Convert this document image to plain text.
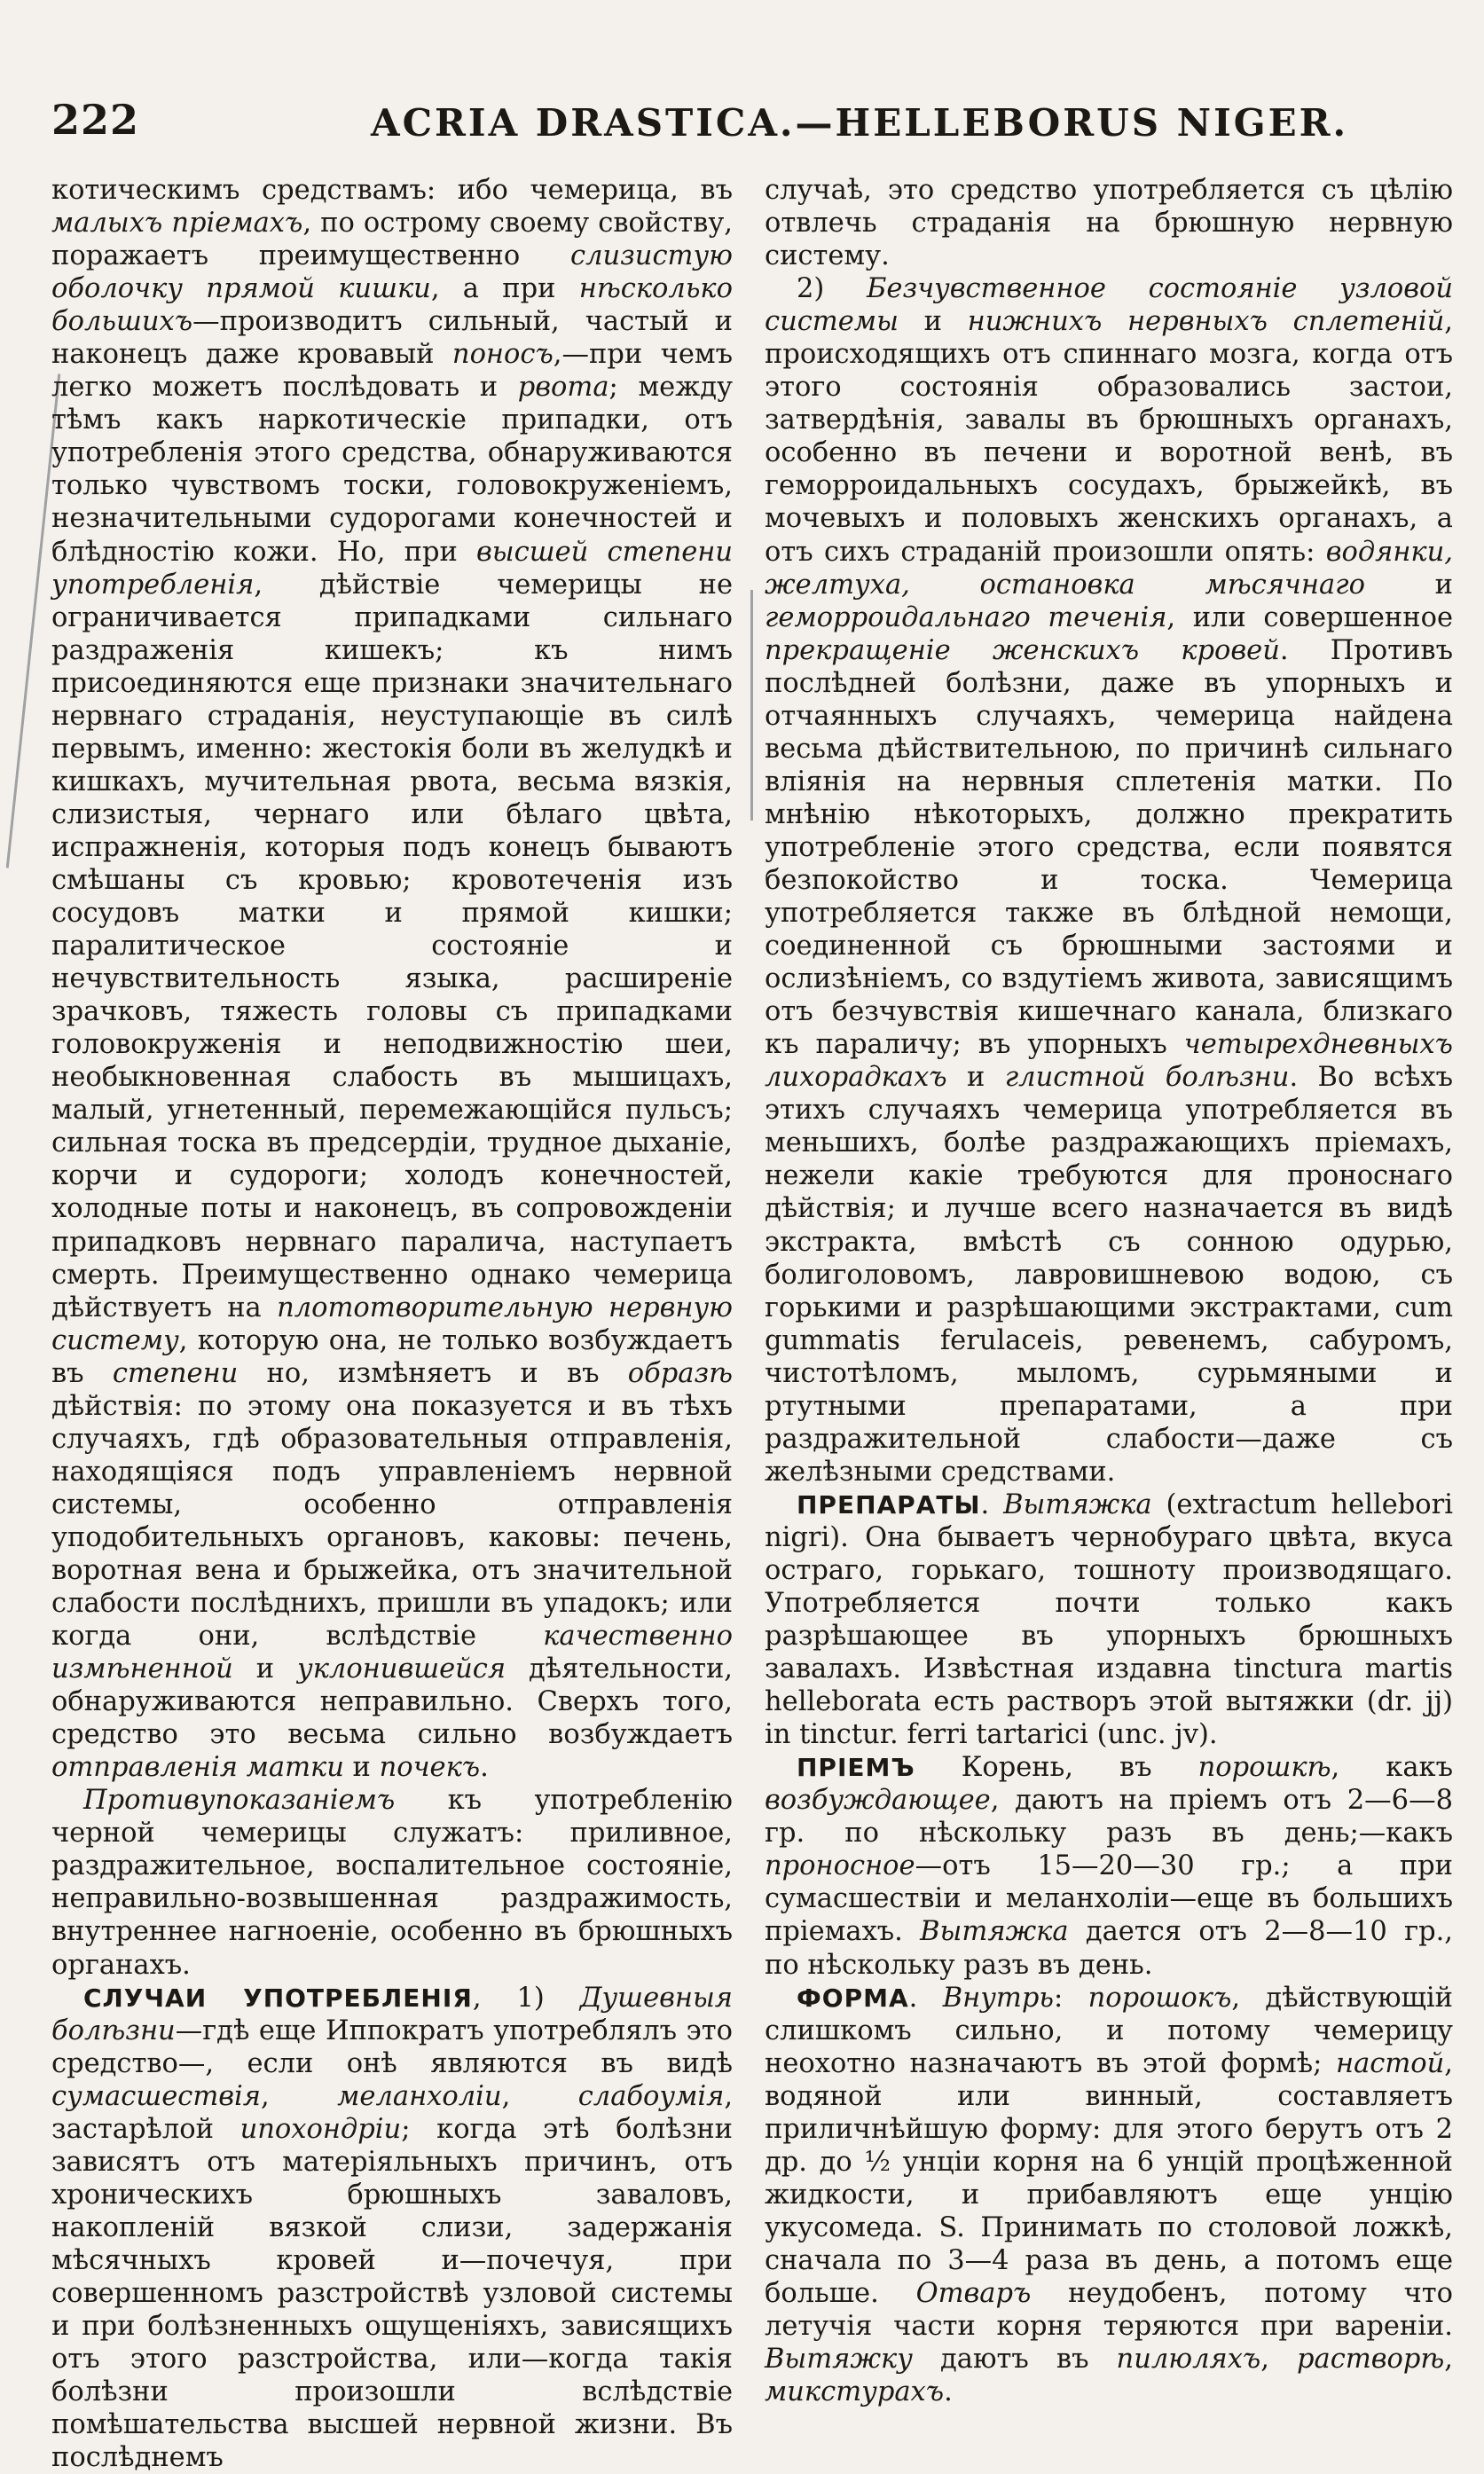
222	ACRIA DRASTICA.—HELLEBORUS NIGER.

котическимъ средствамъ: ибо чемерица, въ малыхъ пріемахъ, по острому своему свойству, поражаетъ преимущественно слизистую оболочку прямой кишки, а при нѣсколько большихъ—производитъ сильный, частый и наконецъ даже кровавый поносъ,—при чемъ легко можетъ послѣдовать и рвота; между тѣмъ какъ наркотическіе припадки, отъ употребленія этого средства, обнаруживаются только чувствомъ тоски, головокруженіемъ, незначительными судорогами конечностей и блѣдностію кожи. Но, при высшей степени употребленія, дѣйствіе чемерицы не ограничивается припадками сильнаго раздраженія кишекъ; къ нимъ присоединяются еще признаки значительнаго нервнаго страданія, неуступающіе въ силѣ первымъ, именно: жестокія боли въ желудкѣ и кишкахъ, мучительная рвота, весьма вязкія, слизистыя, чернаго или бѣлаго цвѣта, испражненія, которыя подъ конецъ бываютъ смѣшаны съ кровью; кровотеченія изъ сосудовъ матки и прямой кишки; паралитическое состояніе и нечувствительность языка, расширеніе зрачковъ, тяжесть головы съ припадками головокруженія и неподвижностію шеи, необыкновенная слабость въ мышицахъ, малый, угнетенный, перемежающійся пульсъ; сильная тоска въ предсердіи, трудное дыханіе, корчи и судороги; холодъ конечностей, холодные поты и наконецъ, въ сопровожденіи припадковъ нервнаго паралича, наступаетъ смерть. Преимущественно однако чемерица дѣйствуетъ на плототворительную нервную систему, которую она, не только возбуждаетъ въ степени но, измѣняетъ и въ образѣ дѣйствія: по этому она показуется и въ тѣхъ случаяхъ, гдѣ образовательныя отправленія, находящіяся подъ управленіемъ нервной системы, особенно отправленія уподобительныхъ органовъ, каковы: печень, воротная вена и брыжейка, отъ значительной слабости послѣднихъ, пришли въ упадокъ; или когда они, вслѣдствіе качественно измѣненной и уклонившейся дѣятельности, обнаруживаются неправильно. Сверхъ того, средство это весьма сильно возбуждаетъ отправленія матки и почекъ.

Противупоказаніемъ къ употребленію черной чемерицы служатъ: приливное, раздражительное, воспалительное состояніе, неправильно-возвышенная раздражимость, внутреннее нагноеніе, особенно въ брюшныхъ органахъ.

СЛУЧАИ УПОТРЕБЛЕНІЯ, 1) Душевныя болѣзни—гдѣ еще Иппократъ употреблялъ это средство—, если онѣ являются въ видѣ сумасшествія, меланхоліи, слабоумія, застарѣлой ипохондріи; когда этѣ болѣзни зависятъ отъ матеріяльныхъ причинъ, отъ хроническихъ брюшныхъ заваловъ, накопленій вязкой слизи, задержанія мѣсячныхъ кровей и—почечуя, при совершенномъ разстройствѣ узловой системы и при болѣзненныхъ ощущеніяхъ, зависящихъ отъ этого разстройства, или—когда такія болѣзни произошли вслѣдствіе помѣшательства высшей нервной жизни. Въ послѣднемъ

случаѣ, это средство употребляется съ цѣлію отвлечь страданія на брюшную нервную систему.

2) Безчувственное состояніе узловой системы и нижнихъ нервныхъ сплетеній, происходящихъ отъ спиннаго мозга, когда отъ этого состоянія образовались застои, затвердѣнія, завалы въ брюшныхъ органахъ, особенно въ печени и воротной венѣ, въ геморроидальныхъ сосудахъ, брыжейкѣ, въ мочевыхъ и половыхъ женскихъ органахъ, а отъ сихъ страданій произошли опять: водянки, желтуха, остановка мѣсячнаго и геморроидальнаго теченія, или совершенное прекращеніе женскихъ кровей. Противъ послѣдней болѣзни, даже въ упорныхъ и отчаянныхъ случаяхъ, чемерица найдена весьма дѣйствительною, по причинѣ сильнаго вліянія на нервныя сплетенія матки. По мнѣнію нѣкоторыхъ, должно прекратить употребленіе этого средства, если появятся безпокойство и тоска. Чемерица употребляется также въ блѣдной немощи, соединенной съ брюшными застоями и ослизѣніемъ, со вздутіемъ живота, зависящимъ отъ безчувствія кишечнаго канала, близкаго къ параличу; въ упорныхъ четырехдневныхъ лихорадкахъ и глистной болѣзни. Во всѣхъ этихъ случаяхъ чемерица употребляется въ меньшихъ, болѣе раздражающихъ пріемахъ, нежели какіе требуются для проноснаго дѣйствія; и лучше всего назначается въ видѣ экстракта, вмѣстѣ съ сонною одурью, болиголовомъ, лавровишневою водою, съ горькими и разрѣшающими экстрактами, cum gummatis ferulaceis, ревенемъ, сабуромъ, чистотѣломъ, мыломъ, сурьмяными и ртутными препаратами, а при раздражительной слабости—даже съ желѣзными средствами.

ПРЕПАРАТЫ. Вытяжка (extractum hellebori nigri). Она бываетъ чернобураго цвѣта, вкуса остраго, горькаго, тошноту производящаго. Употребляется почти только какъ разрѣшающее въ упорныхъ брюшныхъ завалахъ. Извѣстная издавна tinctura martis helleborata есть растворъ этой вытяжки (dr. jj) in tinctur. ferri tartarici (unc. jv).

ПРІЕМЪ Корень, въ порошкѣ, какъ возбуждающее, даютъ на пріемъ отъ 2—6—8 гр. по нѣскольку разъ въ день;—какъ проносное—отъ 15—20—30 гр.; а при сумасшествіи и меланхоліи—еще въ большихъ пріемахъ. Вытяжка дается отъ 2—8—10 гр., по нѣскольку разъ въ день.

ФОРМА. Внутрь: порошокъ, дѣйствующій слишкомъ сильно, и потому чемерицу неохотно назначаютъ въ этой формѣ; настой, водяной или винный, составляетъ приличнѣйшую форму: для этого берутъ отъ 2 др. до ½ унціи корня на 6 унцій процѣженной жидкости, и прибавляютъ еще унцію укусомеда. S. Принимать по столовой ложкѣ, сначала по 3—4 раза въ день, а потомъ еще больше. Отваръ неудобенъ, потому что летучія части корня теряются при вареніи. Вытяжку даютъ въ пилюляхъ, растворѣ, микстурахъ.
